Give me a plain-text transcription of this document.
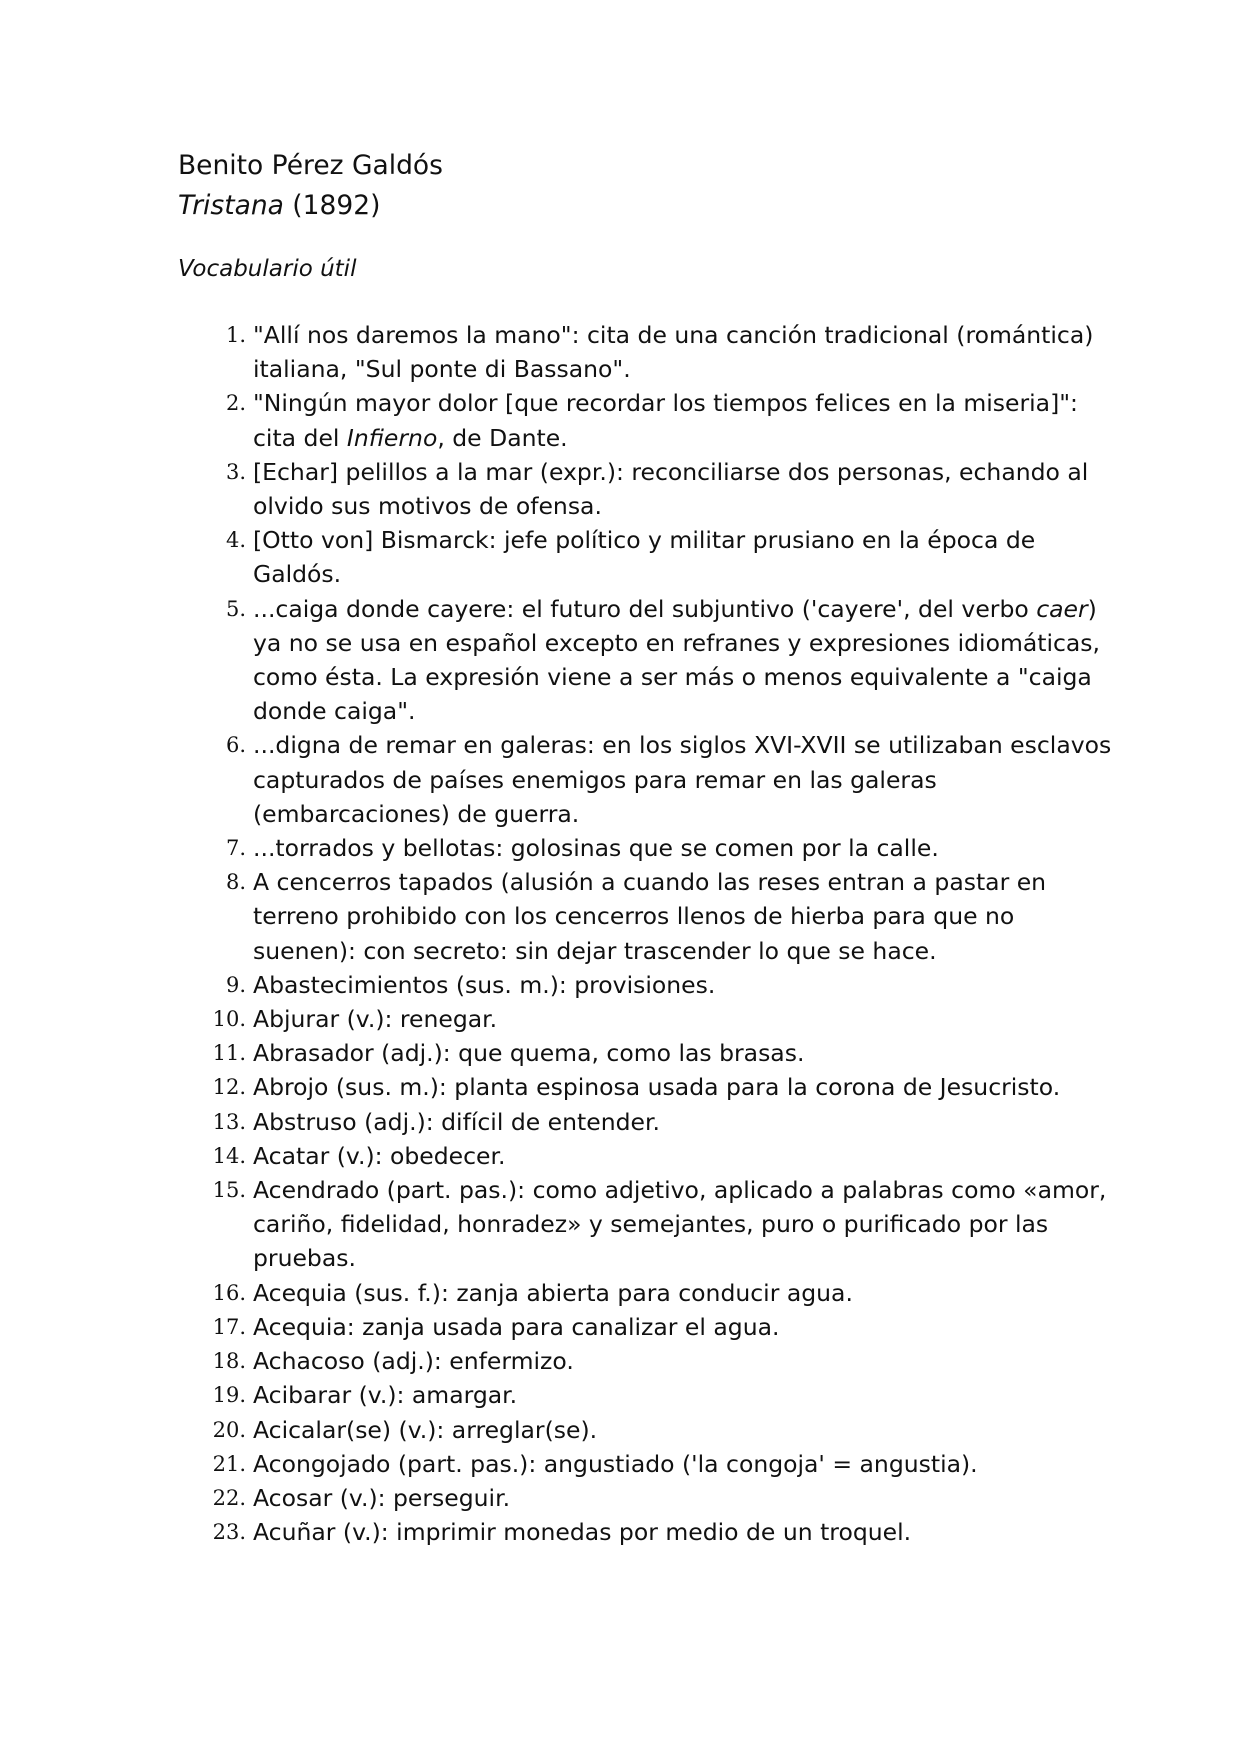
Benito Pérez Galdós
Tristana (1892)
Vocabulario útil
1. "Allí nos daremos la mano": cita de una canción tradicional (romántica) italiana, "Sul ponte di Bassano".
2. "Ningún mayor dolor [que recordar los tiempos felices en la miseria]": cita del Infierno, de Dante.
3. [Echar] pelillos a la mar (expr.): reconciliarse dos personas, echando al olvido sus motivos de ofensa.
4. [Otto von] Bismarck: jefe político y militar prusiano en la época de Galdós.
5. ...caiga donde cayere: el futuro del subjuntivo ('cayere', del verbo caer) ya no se usa en español excepto en refranes y expresiones idiomáticas, como ésta. La expresión viene a ser más o menos equivalente a "caiga donde caiga".
6. ...digna de remar en galeras: en los siglos XVI-XVII se utilizaban esclavos capturados de países enemigos para remar en las galeras (embarcaciones) de guerra.
7. ...torrados y bellotas: golosinas que se comen por la calle.
8. A cencerros tapados (alusión a cuando las reses entran a pastar en terreno prohibido con los cencerros llenos de hierba para que no suenen): con secreto: sin dejar trascender lo que se hace.
9. Abastecimientos (sus. m.): provisiones.
10. Abjurar (v.): renegar.
11. Abrasador (adj.): que quema, como las brasas.
12. Abrojo (sus. m.): planta espinosa usada para la corona de Jesucristo.
13. Abstruso (adj.): difícil de entender.
14. Acatar (v.): obedecer.
15. Acendrado (part. pas.): como adjetivo, aplicado a palabras como «amor, cariño, fidelidad, honradez» y semejantes, puro o purificado por las pruebas.
16. Acequia (sus. f.): zanja abierta para conducir agua.
17. Acequia: zanja usada para canalizar el agua.
18. Achacoso (adj.): enfermizo.
19. Acibarar (v.): amargar.
20. Acicalar(se) (v.): arreglar(se).
21. Acongojado (part. pas.): angustiado ('la congoja' = angustia).
22. Acosar (v.): perseguir.
23. Acuñar (v.): imprimir monedas por medio de un troquel.
